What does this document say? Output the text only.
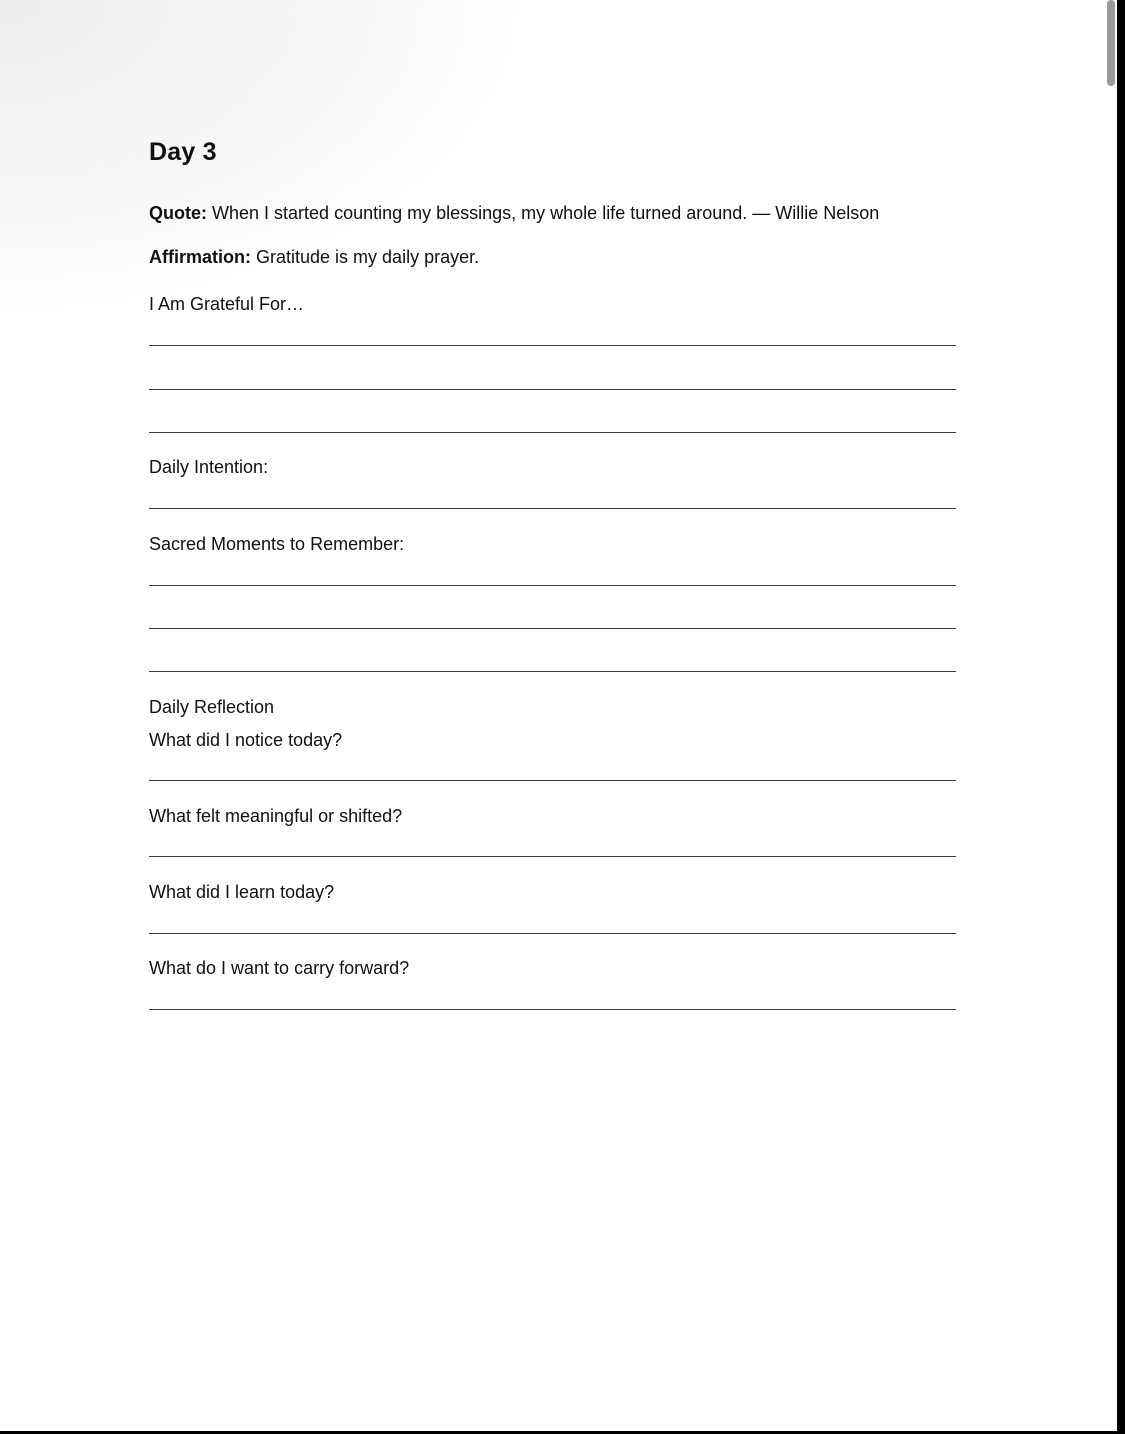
Day 3
Quote: When I started counting my blessings, my whole life turned around. — Willie Nelson
Affirmation: Gratitude is my daily prayer.
I Am Grateful For…
Daily Intention:
Sacred Moments to Remember:
Daily Reflection
What did I notice today?
What felt meaningful or shifted?
What did I learn today?
What do I want to carry forward?
